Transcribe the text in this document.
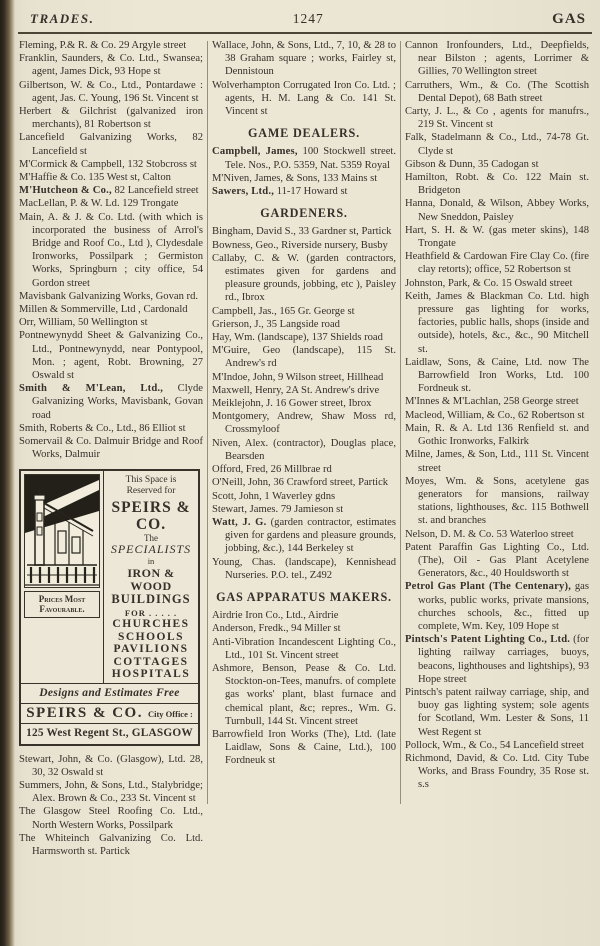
TRADES.	1247	GAS

Fleming, P.& R. & Co. 29 Argyle street

Franklin, Saunders, & Co. Ltd., Swansea; agent, James Dick, 93 Hope st

Gilbertson, W. & Co., Ltd., Pontardawe : agent, Jas. C. Young, 196 St. Vincent st

Herbert & Gilchrist (galvanized iron merchants), 81 Robertson st

Lancefield Galvanizing Works, 82 Lancefield st

M'Cormick & Campbell, 132 Stobcross st

M'Haffie & Co. 135 West st, Calton

M'Hutcheon & Co., 82 Lancefield street

MacLellan, P. & W. Ld. 129 Trongate

Main, A. & J. & Co. Ltd. (with which is incorporated the business of Arrol's Bridge and Roof Co., Ltd ), Clydesdale Ironworks, Possilpark ; Germiston Works, Springburn ; city office, 54 Gordon street

Mavisbank Galvanizing Works, Govan rd.

Millen & Sommerville, Ltd , Cardonald

Orr, William, 50 Wellington st

Pontnewynydd Sheet & Galvanizing Co., Ltd., Pontnewynydd, near Pontypool, Mon. ; agent, Robt. Browning, 27 Oswald st

Smith & M'Lean, Ltd., Clyde Galvanizing Works, Mavisbank, Govan road

Smith, Roberts & Co., Ltd., 86 Elliot st

Somervail & Co. Dalmuir Bridge and Roof Works, Dalmuir

Prices Most
Favourable.
This Space is
Reserved for
SPEIRS & CO.
The
SPECIALISTS
in
IRON & WOOD
BUILDINGS
FOR . . . . .
CHURCHES
SCHOOLS
PAVILIONS
COTTAGES
HOSPITALS
Designs and Estimates Free
SPEIRS & CO. City Office :
125 West Regent St., GLASGOW

Stewart, John, & Co. (Glasgow), Ltd. 28, 30, 32 Oswald st

Summers, John, & Sons, Ltd., Stalybridge; Alex. Brown & Co., 233 St. Vincent st

The Glasgow Steel Roofing Co. Ltd., North Western Works, Possilpark

The Whiteinch Galvanizing Co. Ltd. Harmsworth st. Partick

Wallace, John, & Sons, Ltd., 7, 10, & 28 to 38 Graham square ; works, Fairley st, Dennistoun

Wolverhampton Corrugated Iron Co. Ltd. ; agents, H. M. Lang & Co. 141 St. Vincent st

GAME DEALERS.

Campbell, James, 100 Stockwell street. Tele. Nos., P.O. 5359, Nat. 5359 Royal

M'Niven, James, & Sons, 133 Mains st

Sawers, Ltd., 11-17 Howard st

GARDENERS.

Bingham, David S., 33 Gardner st, Partick

Bowness, Geo., Riverside nursery, Busby

Callaby, C. & W. (garden contractors, estimates given for gardens and pleasure grounds, jobbing, etc ), Paisley rd., Ibrox

Campbell, Jas., 165 Gr. George st

Grierson, J., 35 Langside road

Hay, Wm. (landscape), 137 Shields road

M'Guire, Geo (landscape), 115 St. Andrew's rd

M'Indoe, John, 9 Wilson street, Hillhead

Maxwell, Henry, 2A St. Andrew's drive

Meiklejohn, J. 16 Gower street, Ibrox

Montgomery, Andrew, Shaw Moss rd, Crossmyloof

Niven, Alex. (contractor), Douglas place, Bearsden

Offord, Fred, 26 Millbrae rd

O'Neill, John, 36 Crawford street, Partick

Scott, John, 1 Waverley gdns

Stewart, James. 79 Jamieson st

Watt, J. G. (garden contractor, estimates given for gardens and pleasure grounds, jobbing, &c.), 144 Berkeley st

Young, Chas. (landscape), Kennishead Nurseries. P.O. tel., Z492

GAS APPARATUS MAKERS.

Airdrie Iron Co., Ltd., Airdrie

Anderson, Fredk., 94 Miller st

Anti-Vibration Incandescent Lighting Co., Ltd., 101 St. Vincent street

Ashmore, Benson, Pease & Co. Ltd. Stockton-on-Tees, manufrs. of complete gas works' plant, blast furnace and chemical plant, &c; repres., Wm. G. Turnbull, 144 St. Vincent street

Barrowfield Iron Works (The), Ltd. (late Laidlaw, Sons & Caine, Ltd.), 100 Fordneuk st

Cannon Ironfounders, Ltd., Deepfields, near Bilston ; agents, Lorrimer & Gillies, 70 Wellington street

Carruthers, Wm., & Co. (The Scottish Dental Depot), 68 Bath street

Carty, J. L., & Co , agents for manufrs., 219 St. Vincent st

Falk, Stadelmann & Co., Ltd., 74-78 Gt. Clyde st

Gibson & Dunn, 35 Cadogan st

Hamilton, Robt. & Co. 122 Main st. Bridgeton

Hanna, Donald, & Wilson, Abbey Works, New Sneddon, Paisley

Hart, S. H. & W. (gas meter skins), 148 Trongate

Heathfield & Cardowan Fire Clay Co. (fire clay retorts); office, 52 Robertson st

Johnston, Park, & Co. 15 Oswald street

Keith, James & Blackman Co. Ltd. high pressure gas lighting for works, factories, public halls, shops (inside and outside), hotels, &c., &c., 90 Mitchell st.

Laidlaw, Sons, & Caine, Ltd. now The Barrowfield Iron Works, Ltd. 100 Fordneuk st.

M'Innes & M'Lachlan, 258 George street

Macleod, William, & Co., 62 Robertson st

Main, R. & A. Ltd 136 Renfield st. and Gothic Ironworks, Falkirk

Milne, James, & Son, Ltd., 111 St. Vincent street

Moyes, Wm. & Sons, acetylene gas generators for mansions, railway stations, lighthouses, &c. 115 Bothwell st. and branches

Nelson, D. M. & Co. 53 Waterloo street

Patent Paraffin Gas Lighting Co., Ltd. (The), Oil - Gas Plant Acetylene Generators, &c., 40 Houldsworth st

Petrol Gas Plant (The Centenary), gas works, public works, private mansions, churches schools, &c., fitted up complete, Wm. Key, 109 Hope st

Pintsch's Patent Lighting Co., Ltd. (for lighting railway carriages, buoys, beacons, lighthouses and lightships), 93 Hope street

Pintsch's patent railway carriage, ship, and buoy gas lighting system; sole agents for Scotland, Wm. Lester & Sons, 11 West Regent st

Pollock, Wm., & Co., 54 Lancefield street

Richmond, David, & Co. Ltd. City Tube Works, and Brass Foundry, 35 Rose st. s.s
